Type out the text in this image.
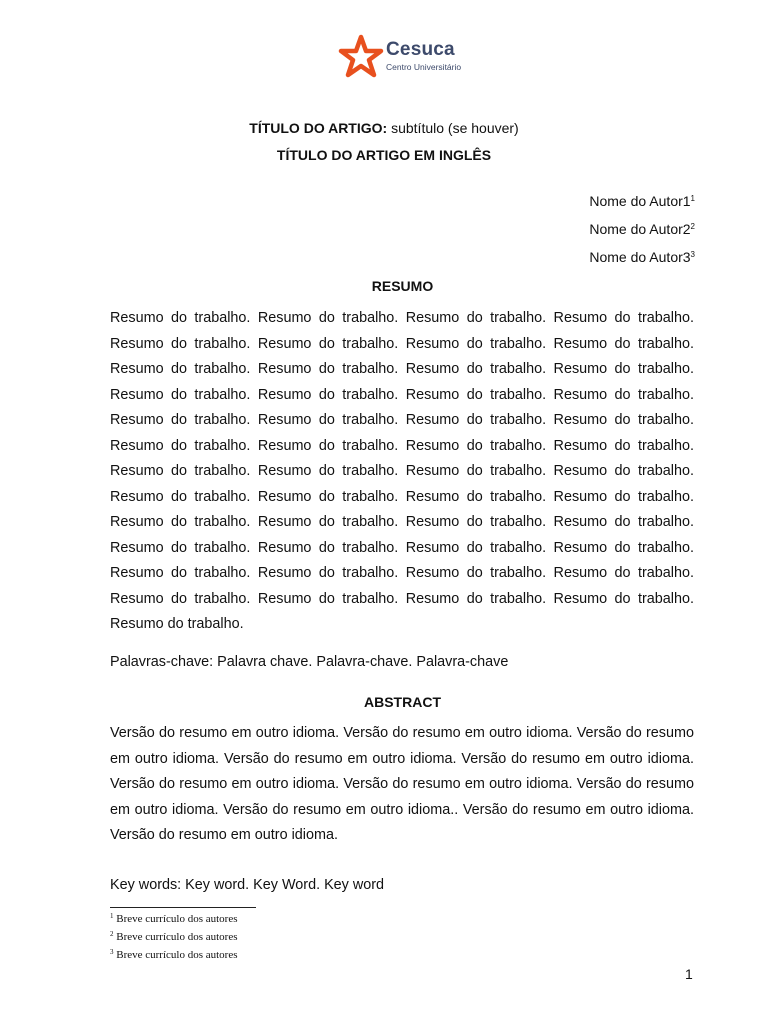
Cesuca
Centro Universitário
TÍTULO DO ARTIGO: subtítulo (se houver)
TÍTULO DO ARTIGO EM INGLÊS
Nome do $Autor1^1$
Nome do $Autor2^2$
Nome do $Autor3^3$
RESUMO

Resumo do trabalho. Resumo do trabalho. Resumo do trabalho. Resumo do trabalho. Resumo do trabalho. Resumo do trabalho. Resumo do trabalho. Resumo do trabalho. Resumo do trabalho. Resumo do trabalho. Resumo do trabalho. Resumo do trabalho. Resumo do trabalho. Resumo do trabalho. Resumo do trabalho. Resumo do trabalho. Resumo do trabalho. Resumo do trabalho. Resumo do trabalho. Resumo do trabalho. Resumo do trabalho. Resumo do trabalho. Resumo do trabalho. Resumo do trabalho. Resumo do trabalho. Resumo do trabalho. Resumo do trabalho. Resumo do trabalho. Resumo do trabalho. Resumo do trabalho. Resumo do trabalho. Resumo do trabalho. Resumo do trabalho. Resumo do trabalho. Resumo do trabalho. Resumo do trabalho. Resumo do trabalho. Resumo do trabalho. Resumo do trabalho. Resumo do trabalho. Resumo do trabalho. Resumo do trabalho. Resumo do trabalho. Resumo do trabalho. Resumo do trabalho. Resumo do trabalho. Resumo do trabalho. Resumo do trabalho. Resumo do trabalho.

Palavras-chave: Palavra chave. Palavra-chave. Palavra-chave
ABSTRACT

Versão do resumo em outro idioma. Versão do resumo em outro idioma. Versão do resumo em outro idioma. Versão do resumo em outro idioma. Versão do resumo em outro idioma. Versão do resumo em outro idioma. Versão do resumo em outro idioma. Versão do resumo em outro idioma. Versão do resumo em outro idioma.. Versão do resumo em outro idioma. Versão do resumo em outro idioma.

Key words: Key word. Key Word. Key word
$^1$ Breve currículo dos autores
$^2$ Breve currículo dos autores
$^3$ Breve currículo dos autores
1
